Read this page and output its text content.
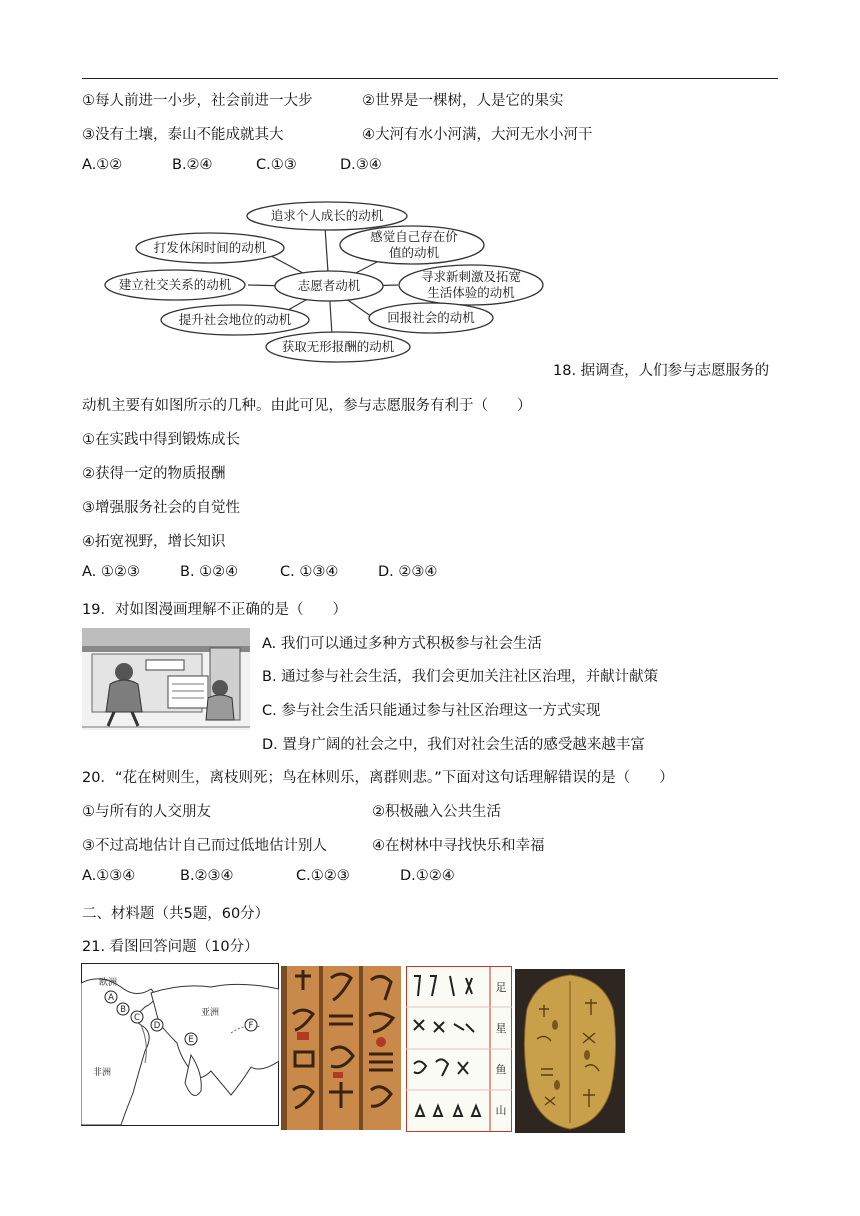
①每人前进一小步，社会前进一大步	②世界是一棵树，人是它的果实
③没有土壤，泰山不能成就其大	④大河有水小河满，大河无水小河干
A.①②	B.②④	C.①③	D.③④
追求个人成长的动机
打发休闲时间的动机
感觉自己存在价
值的动机
建立社交关系的动机	志愿者动机
寻求新刺激及拓宽
生活体验的动机
提升社会地位的动机	回报社会的动机
获取无形报酬的动机
18. 据调查，人们参与志愿服务的
动机主要有如图所示的几种。由此可见，参与志愿服务有利于（　　）
①在实践中得到锻炼成长
②获得一定的物质报酬
③增强服务社会的自觉性
④拓宽视野，增长知识
A. ①②③	B. ①②④	C. ①③④	D. ②③④
19．对如图漫画理解不正确的是（　　）
A. 我们可以通过多种方式积极参与社会生活
B. 通过参与社会生活，我们会更加关注社区治理，并献计献策
C. 参与社会生活只能通过参与社区治理这一方式实现
D. 置身广阔的社会之中，我们对社会生活的感受越来越丰富
20．“花在树则生，离枝则死；鸟在林则乐，离群则悲。”下面对这句话理解错误的是（　　）
①与所有的人交朋友	②积极融入公共生活
③不过高地估计自己而过低地估计别人	④在树林中寻找快乐和幸福
A.①③④	B.②③④	C.①②③	D.①②④
二、材料题（共5题，60分）
21. 看图回答问题（10分）
欧洲
亚洲
非洲
A
B
C
D
E
F
足
星
鱼
山
